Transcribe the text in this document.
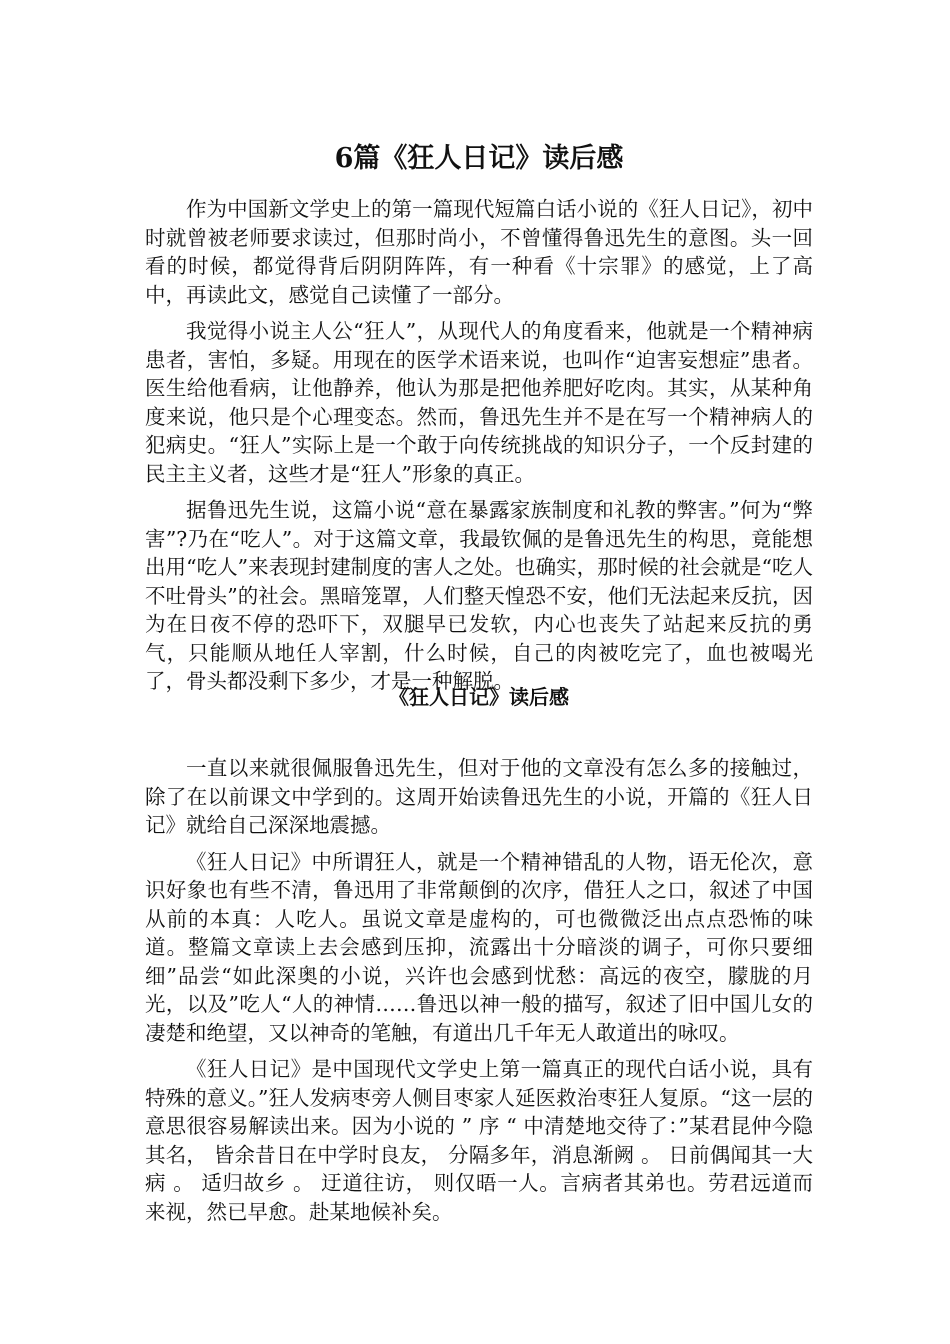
6篇《狂人日记》读后感

作为中国新文学史上的第一篇现代短篇白话小说的《狂人日记》，初中时就曾被老师要求读过，但那时尚小，不曾懂得鲁迅先生的意图。头一回看的时候，都觉得背后阴阴阵阵，有一种看《十宗罪》的感觉，上了高中，再读此文，感觉自己读懂了一部分。

我觉得小说主人公“狂人”，从现代人的角度看来，他就是一个精神病患者，害怕，多疑。用现在的医学术语来说，也叫作“迫害妄想症”患者。医生给他看病，让他静养，他认为那是把他养肥好吃肉。其实，从某种角度来说，他只是个心理变态。然而，鲁迅先生并不是在写一个精神病人的犯病史。“狂人”实际上是一个敢于向传统挑战的知识分子，一个反封建的民主主义者，这些才是“狂人”形象的真正。

据鲁迅先生说，这篇小说“意在暴露家族制度和礼教的弊害。”何为“弊害”?乃在“吃人”。对于这篇文章，我最钦佩的是鲁迅先生的构思，竟能想出用“吃人”来表现封建制度的害人之处。也确实，那时候的社会就是“吃人不吐骨头”的社会。黑暗笼罩，人们整天惶恐不安，他们无法起来反抗，因为在日夜不停的恐吓下，双腿早已发软，内心也丧失了站起来反抗的勇气，只能顺从地任人宰割，什么时候，自己的肉被吃完了，血也被喝光了，骨头都没剩下多少，才是一种解脱。

《狂人日记》读后感

一直以来就很佩服鲁迅先生，但对于他的文章没有怎么多的接触过，除了在以前课文中学到的。这周开始读鲁迅先生的小说，开篇的《狂人日记》就给自己深深地震撼。

《狂人日记》中所谓狂人，就是一个精神错乱的人物，语无伦次，意识好象也有些不清，鲁迅用了非常颠倒的次序，借狂人之口，叙述了中国从前的本真：人吃人。虽说文章是虚构的，可也微微泛出点点恐怖的味道。整篇文章读上去会感到压抑，流露出十分暗淡的调子，可你只要细细”品尝“如此深奥的小说，兴许也会感到忧愁：高远的夜空，朦胧的月光，以及”吃人“人的神情……鲁迅以神一般的描写，叙述了旧中国儿女的凄楚和绝望，又以神奇的笔触，有道出几千年无人敢道出的咏叹。

《狂人日记》是中国现代文学史上第一篇真正的现代白话小说，具有特殊的意义。”狂人发病枣旁人侧目枣家人延医救治枣狂人复原。“这一层的意思很容易解读出来。因为小说的 ” 序 “ 中清楚地交待了：”某君昆仲今隐其名， 皆余昔日在中学时良友， 分隔多年，消息渐阙 。 日前偶闻其一大病 。 适归故乡 。 迂道往访， 则仅晤一人。言病者其弟也。劳君远道而来视，然已早愈。赴某地候补矣。
